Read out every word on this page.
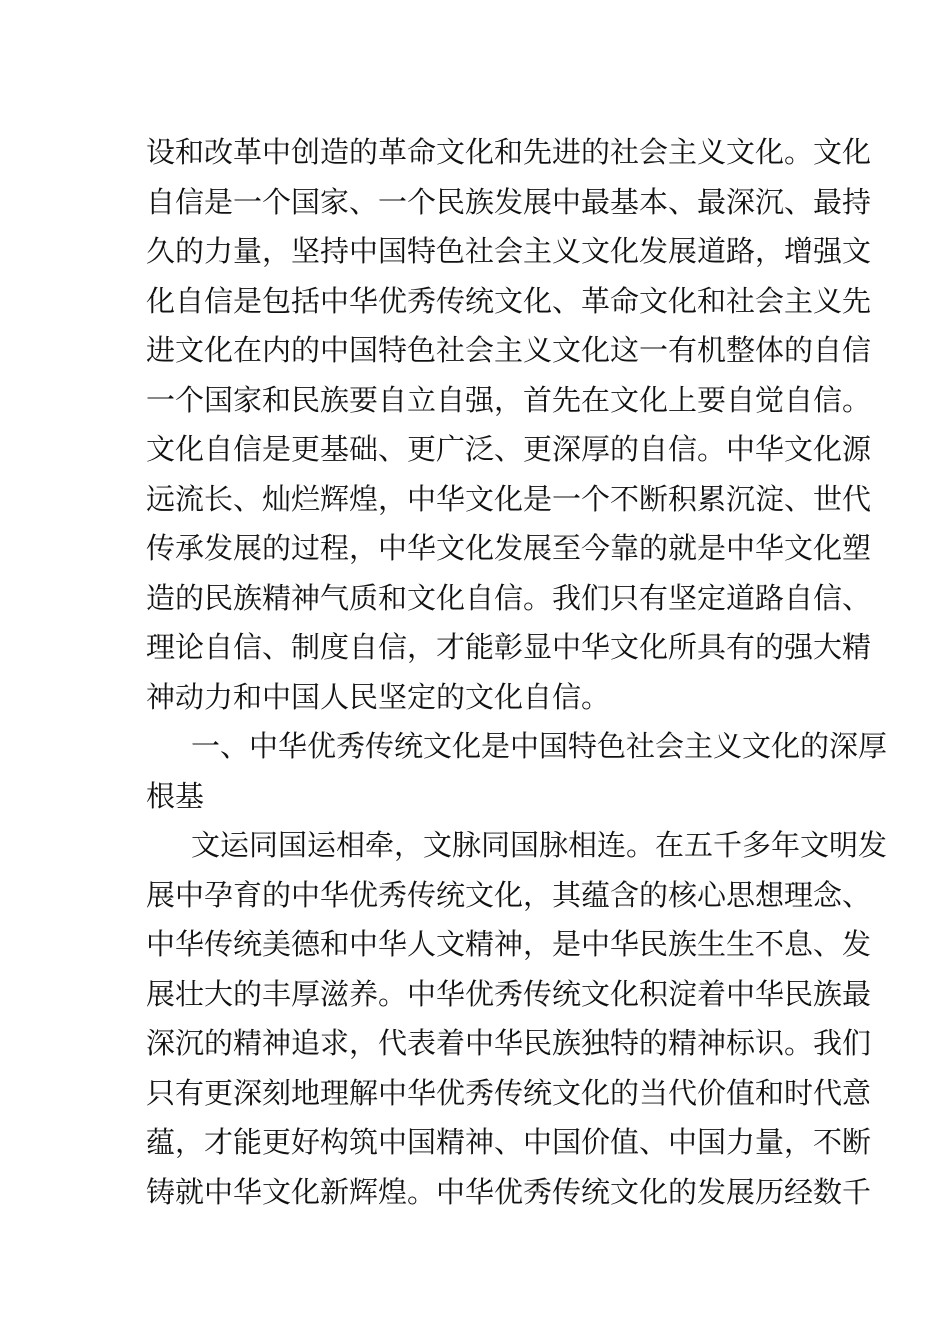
设和改革中创造的革命文化和先进的社会主义文化。文化
自信是一个国家、一个民族发展中最基本、最深沉、最持
久的力量，坚持中国特色社会主义文化发展道路，增强文
化自信是包括中华优秀传统文化、革命文化和社会主义先
进文化在内的中国特色社会主义文化这一有机整体的自信
一个国家和民族要自立自强，首先在文化上要自觉自信。
文化自信是更基础、更广泛、更深厚的自信。中华文化源
远流长、灿烂辉煌，中华文化是一个不断积累沉淀、世代
传承发展的过程，中华文化发展至今靠的就是中华文化塑
造的民族精神气质和文化自信。我们只有坚定道路自信、
理论自信、制度自信，才能彰显中华文化所具有的强大精
神动力和中国人民坚定的文化自信。
一、中华优秀传统文化是中国特色社会主义文化的深厚
根基
文运同国运相牵，文脉同国脉相连。在五千多年文明发
展中孕育的中华优秀传统文化，其蕴含的核心思想理念、
中华传统美德和中华人文精神，是中华民族生生不息、发
展壮大的丰厚滋养。中华优秀传统文化积淀着中华民族最
深沉的精神追求，代表着中华民族独特的精神标识。我们
只有更深刻地理解中华优秀传统文化的当代价值和时代意
蕴，才能更好构筑中国精神、中国价值、中国力量，不断
铸就中华文化新辉煌。中华优秀传统文化的发展历经数千
